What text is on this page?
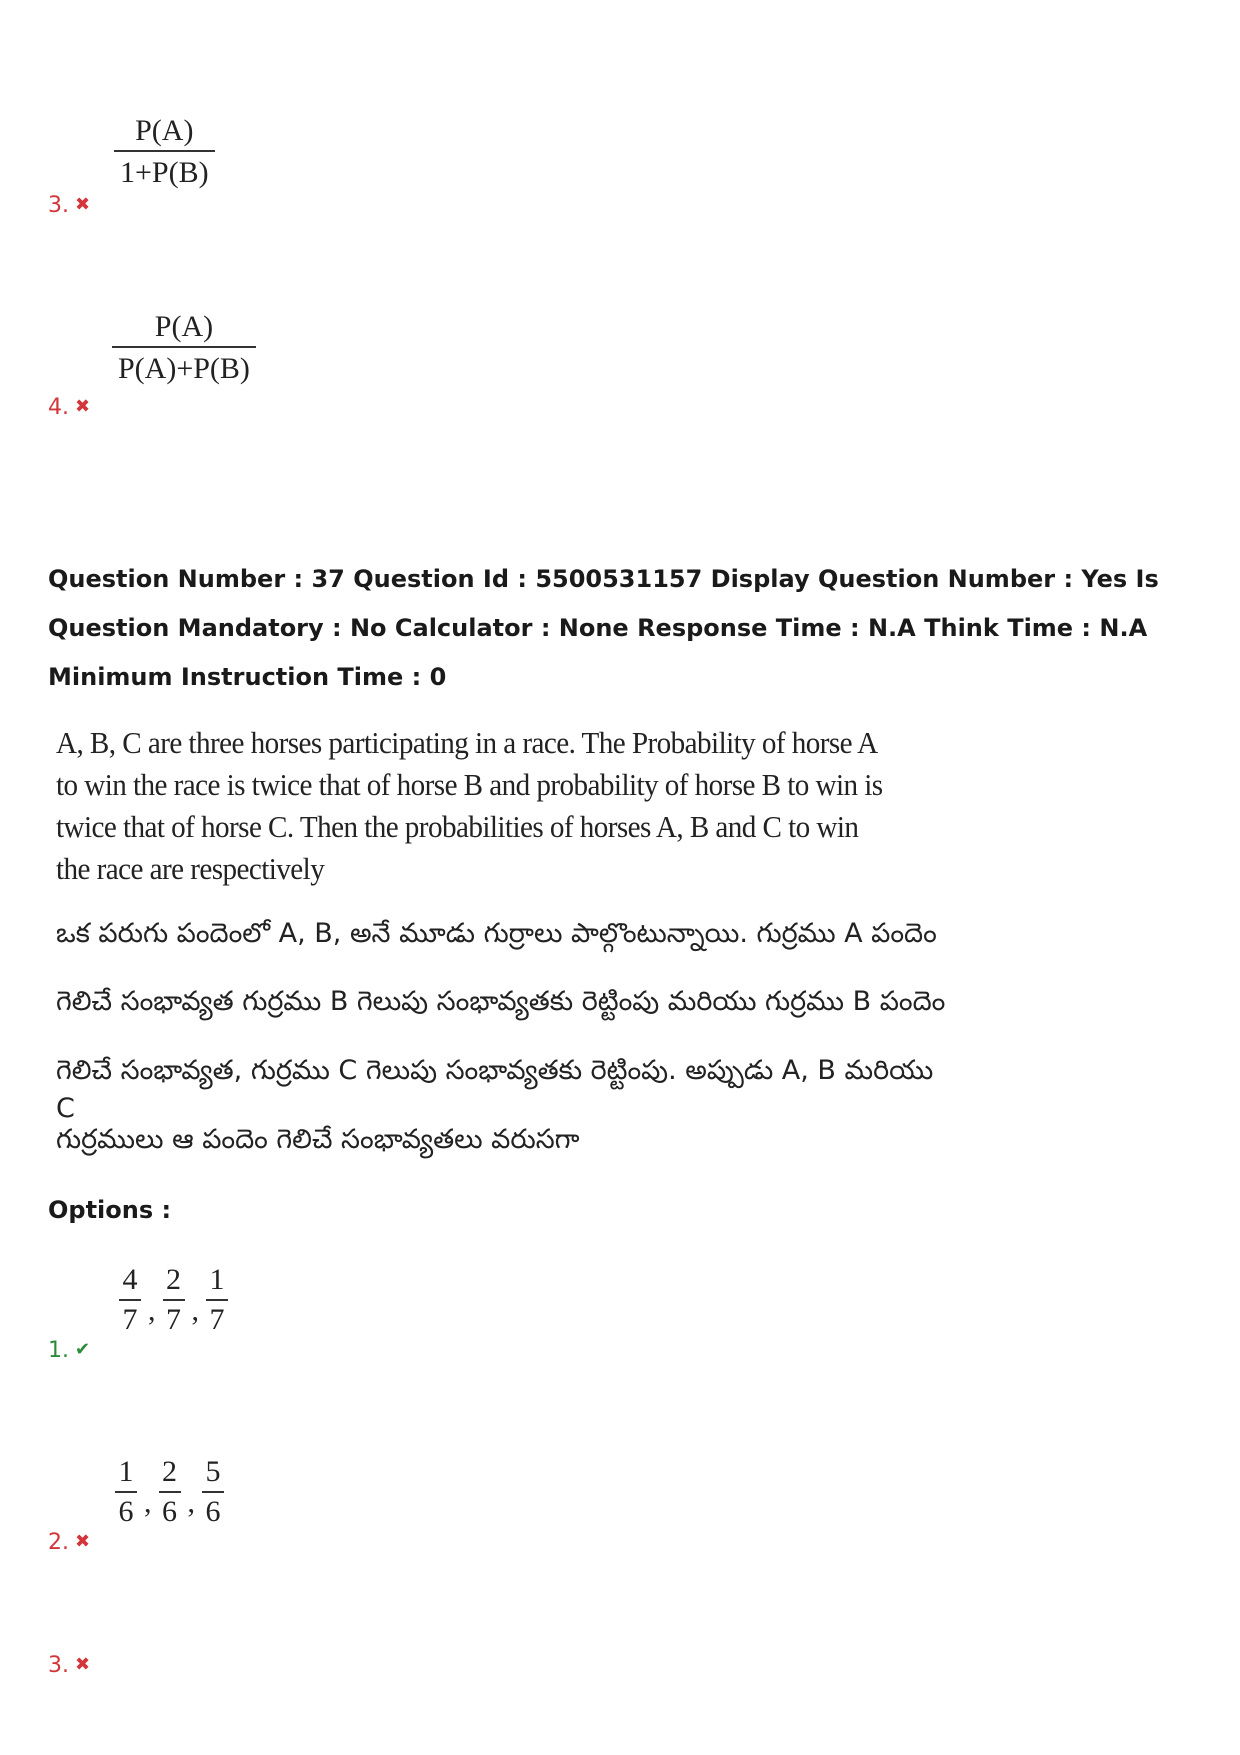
3. ✖
$\frac{P(A)}{1+P(B)}$
4. ✖
$\frac{P(A)}{P(A)+P(B)}$
Question Number : 37 Question Id : 5500531157 Display Question Number : Yes Is Question Mandatory : No Calculator : None Response Time : N.A Think Time : N.A Minimum Instruction Time : 0
A, B, C are three horses participating in a race. The Probability of horse A to win the race is twice that of horse B and probability of horse B to win is twice that of horse C. Then the probabilities of horses A, B and C to win the race are respectively
ఒక పరుగు పందెంలో A, B, అనే మూడు గుర్రాలు పాల్గొంటున్నాయి. గుర్రము A పందెం
గెలిచే సంభావ్యత గుర్రము B గెలుపు సంభావ్యతకు రెట్టింపు మరియు గుర్రము B పందెం
గెలిచే సంభావ్యత, గుర్రము C గెలుపు సంభావ్యతకు రెట్టింపు. అప్పుడు A, B మరియు C
గుర్రములు ఆ పందెం గెలిచే సంభావ్యతలు వరుసగా
Options :
1. ✔
$\frac{4}{7}$ , $\frac{2}{7}$ , $\frac{1}{7}$
2. ✖
$\frac{1}{6}$ , $\frac{2}{6}$ , $\frac{5}{6}$
3. ✖
